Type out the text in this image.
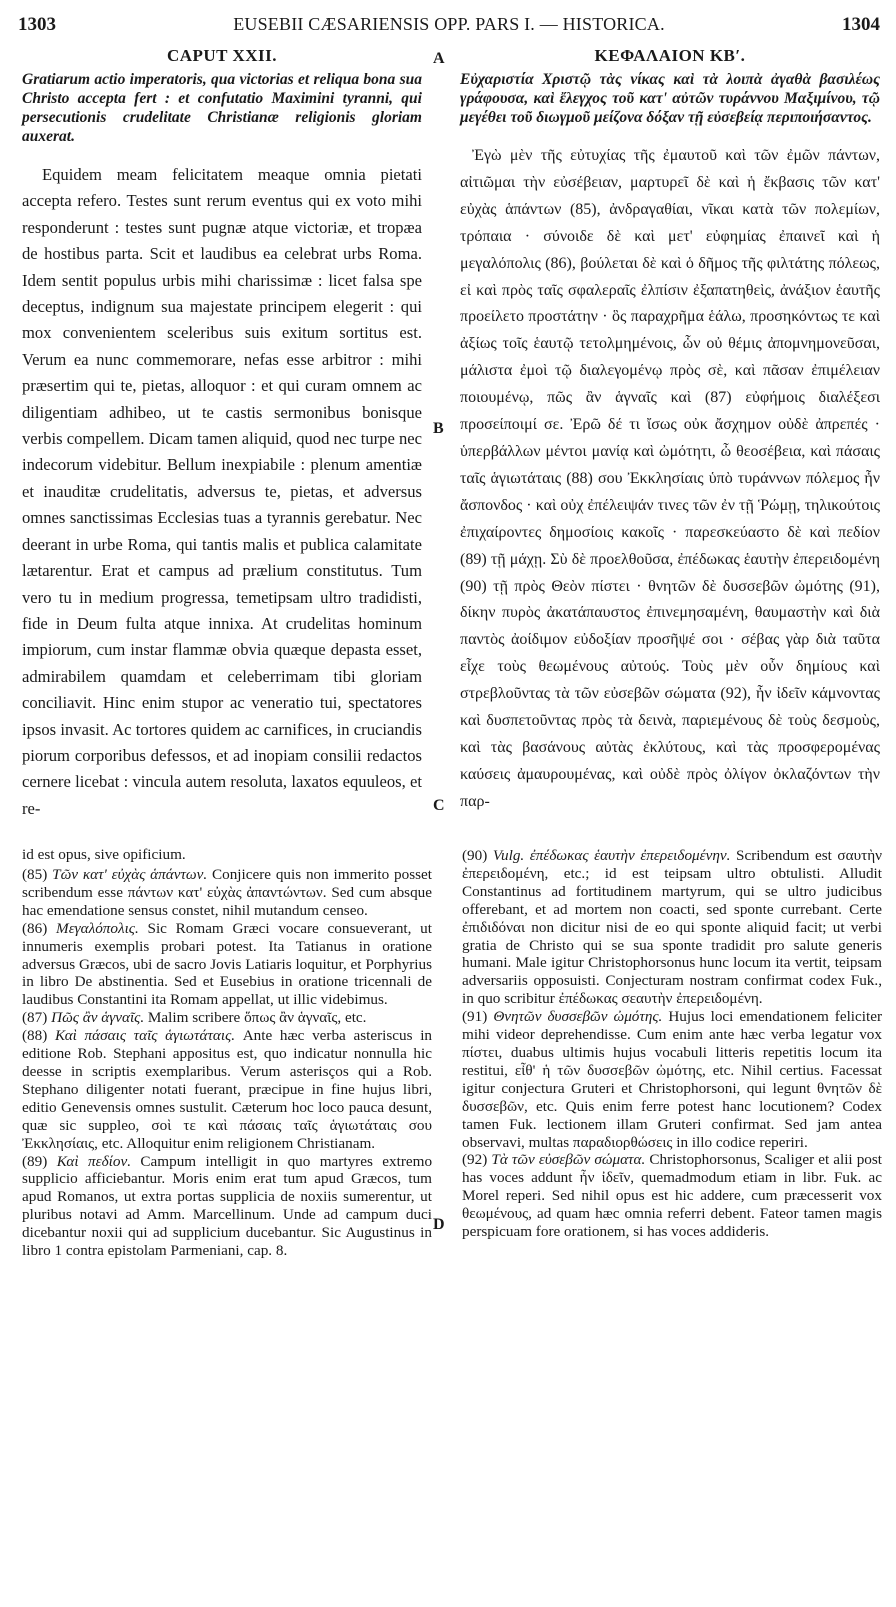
1303	EUSEBII CÆSARIENSIS OPP. PARS I. — HISTORICA.	1304
A
B
C
D
CAPUT XXII.

Gratiarum actio imperatoris, qua victorias et reliqua bona sua Christo accepta fert : et confutatio Maximini tyranni, qui persecutionis crudelitate Christianæ religionis gloriam auxerat.

Equidem meam felicitatem meaque omnia pietati accepta refero. Testes sunt rerum eventus qui ex voto mihi responderunt : testes sunt pugnæ atque victoriæ, et tropæa de hostibus parta. Scit et laudibus ea celebrat urbs Roma. Idem sentit populus urbis mihi charissimæ : licet falsa spe deceptus, indignum sua majestate principem elegerit : qui mox convenientem sceleribus suis exitum sortitus est. Verum ea nunc commemorare, nefas esse arbitror : mihi præsertim qui te, pietas, alloquor : et qui curam omnem ac diligentiam adhibeo, ut te castis sermonibus bonisque verbis compellem. Dicam tamen aliquid, quod nec turpe nec indecorum videbitur. Bellum inexpiabile : plenum amentiæ et inauditæ crudelitatis, adversus te, pietas, et adversus omnes sanctissimas Ecclesias tuas a tyrannis gerebatur. Nec deerant in urbe Roma, qui tantis malis et publica calamitate lætarentur. Erat et campus ad prælium constitutus. Tum vero tu in medium progressa, temetipsam ultro tradidisti, fide in Deum fulta atque innixa. At crudelitas hominum impiorum, cum instar flammæ obvia quæque depasta esset, admirabilem quamdam et celeberrimam tibi gloriam conciliavit. Hinc enim stupor ac veneratio tui, spectatores ipsos invasit. Ac tortores quidem ac carnifices, in cruciandis piorum corporibus defessos, et ad inopiam consilii redactos cernere licebat : vincula autem resoluta, laxatos equuleos, et re-

ΚΕΦΑΛΑΙΟΝ ΚΒʹ.

Εὐχαριστία Χριστῷ τὰς νίκας καὶ τὰ λοιπὰ ἀγαθὰ βασιλέως γράφουσα, καὶ ἔλεγχος τοῦ κατ' αὐτῶν τυράννου Μαξιμίνου, τῷ μεγέθει τοῦ διωγμοῦ μείζονα δόξαν τῇ εὐσεβείᾳ περιποιήσαντος.

Ἐγὼ μὲν τῆς εὐτυχίας τῆς ἐμαυτοῦ καὶ τῶν ἐμῶν πάντων, αἰτιῶμαι τὴν εὐσέβειαν, μαρτυρεῖ δὲ καὶ ἡ ἔκβασις τῶν κατ' εὐχὰς ἁπάντων (85), ἀνδραγαθίαι, νῖκαι κατὰ τῶν πολεμίων, τρόπαια · σύνοιδε δὲ καὶ μετ' εὐφημίας ἐπαινεῖ καὶ ἡ μεγαλόπολις (86), βούλεται δὲ καὶ ὁ δῆμος τῆς φιλτάτης πόλεως, εἰ καὶ πρὸς ταῖς σφαλεραῖς ἐλπίσιν ἐξαπατηθεὶς, ἀνάξιον ἑαυτῆς προείλετο προστάτην · ὃς παραχρῆμα ἑάλω, προσηκόντως τε καὶ ἀξίως τοῖς ἑαυτῷ τετολμημένοις, ὧν οὐ θέμις ἀπομνημονεῦσαι, μάλιστα ἐμοὶ τῷ διαλεγομένῳ πρὸς σὲ, καὶ πᾶσαν ἐπιμέλειαν ποιουμένῳ, πῶς ἂν ἁγναῖς καὶ (87) εὐφήμοις διαλέξεσι προσείποιμί σε. Ἐρῶ δέ τι ἴσως οὐκ ἄσχημον οὐδὲ ἀπρεπές · ὑπερβάλλων μέντοι μανίᾳ καὶ ὠμότητι, ὦ θεοσέβεια, καὶ πάσαις ταῖς ἁγιωτάταις (88) σου Ἐκκλησίαις ὑπὸ τυράννων πόλεμος ἦν ἄσπονδος · καὶ οὐχ ἐπέλειψάν τινες τῶν ἐν τῇ Ῥώμῃ, τηλικούτοις ἐπιχαίροντες δημοσίοις κακοῖς · παρεσκεύαστο δὲ καὶ πεδίον (89) τῇ μάχῃ. Σὺ δὲ προελθοῦσα, ἐπέδωκας ἑαυτὴν ἐπερειδομένη (90) τῇ πρὸς Θεὸν πίστει · θνητῶν δὲ δυσσεβῶν ὠμότης (91), δίκην πυρὸς ἀκατάπαυστος ἐπινεμησαμένη, θαυμαστὴν καὶ διὰ παντὸς ἀοίδιμον εὐδοξίαν προσῆψέ σοι · σέβας γὰρ διὰ ταῦτα εἶχε τοὺς θεωμένους αὐτούς. Τοὺς μὲν οὖν δημίους καὶ στρεβλοῦντας τὰ τῶν εὐσεβῶν σώματα (92), ἦν ἰδεῖν κάμνοντας καὶ δυσπετοῦντας πρὸς τὰ δεινὰ, παριεμένους δὲ τοὺς δεσμοὺς, καὶ τὰς βασάνους αὐτὰς ἐκλύτους, καὶ τὰς προσφερομένας καύσεις ἀμαυρουμένας, καὶ οὐδὲ πρὸς ὀλίγον ὀκλαζόντων τὴν παρ-

id est opus, sive opificium.

(85) Τῶν κατ' εὐχὰς ἁπάντων. Conjicere quis non immerito posset scribendum esse πάντων κατ' εὐχὰς ἀπαντώντων. Sed cum absque hac emendatione sensus constet, nihil mutandum censeo.

(86) Μεγαλόπολις. Sic Romam Græci vocare consueverant, ut innumeris exemplis probari potest. Ita Tatianus in oratione adversus Græcos, ubi de sacro Jovis Latiaris loquitur, et Porphyrius in libro De abstinentia. Sed et Eusebius in oratione tricennali de laudibus Constantini ita Romam appellat, ut illic videbimus.

(87) Πῶς ἂν ἁγναῖς. Malim scribere ὅπως ἂν ἁγναῖς, etc.

(88) Καὶ πάσαις ταῖς ἁγιωτάταις. Ante hæc verba asteriscus in editione Rob. Stephani appositus est, quo indicatur nonnulla hic deesse in scriptis exemplaribus. Verum asterisços qui a Rob. Stephano diligenter notati fuerant, præcipue in fine hujus libri, editio Genevensis omnes sustulit. Cæterum hoc loco pauca desunt, quæ sic suppleo, σοὶ τε καὶ πάσαις ταῖς ἁγιωτάταις σου Ἐκκλησίαις, etc. Alloquitur enim religionem Christianam.

(89) Καὶ πεδίον. Campum intelligit in quo martyres extremo supplicio afficiebantur. Moris enim erat tum apud Græcos, tum apud Romanos, ut extra portas supplicia de noxiis sumerentur, ut pluribus notavi ad Amm. Marcellinum. Unde ad campum duci dicebantur noxii qui ad supplicium ducebantur. Sic Augustinus in libro 1 contra epistolam Parmeniani, cap. 8.

(90) Vulg. ἐπέδωκας ἑαυτὴν ἐπερειδομένην. Scribendum est σαυτὴν ἐπερειδομένη, etc.; id est teipsam ultro obtulisti. Alludit Constantinus ad fortitudinem martyrum, qui se ultro judicibus offerebant, et ad mortem non coacti, sed sponte currebant. Certe ἐπιδιδόναι non dicitur nisi de eo qui sponte aliquid facit; ut verbi gratia de Christo qui se sua sponte tradidit pro salute generis humani. Male igitur Christophorsonus hunc locum ita vertit, teipsam adversariis opposuisti. Conjecturam nostram confirmat codex Fuk., in quo scribitur ἐπέδωκας σεαυτὴν ἐπερειδομένη.

(91) Θνητῶν δυσσεβῶν ὠμότης. Hujus loci emendationem feliciter mihi videor deprehendisse. Cum enim ante hæc verba legatur vox πίστει, duabus ultimis hujus vocabuli litteris repetitis locum ita restitui, εἶθ' ἡ τῶν δυσσεβῶν ὠμότης, etc. Nihil certius. Facessat igitur conjectura Gruteri et Christophorsoni, qui legunt θνητῶν δὲ δυσσεβῶν, etc. Quis enim ferre potest hanc locutionem? Codex tamen Fuk. lectionem illam Gruteri confirmat. Sed jam antea observavi, multas παραδιορθώσεις in illo codice reperiri.

(92) Τὰ τῶν εὐσεβῶν σώματα. Christophorsonus, Scaliger et alii post has voces addunt ἦν ἰδεῖν, quemadmodum etiam in libr. Fuk. ac Morel reperi. Sed nihil opus est hic addere, cum præcesserit vox θεωμένους, ad quam hæc omnia referri debent. Fateor tamen magis perspicuam fore orationem, si has voces addideris.
